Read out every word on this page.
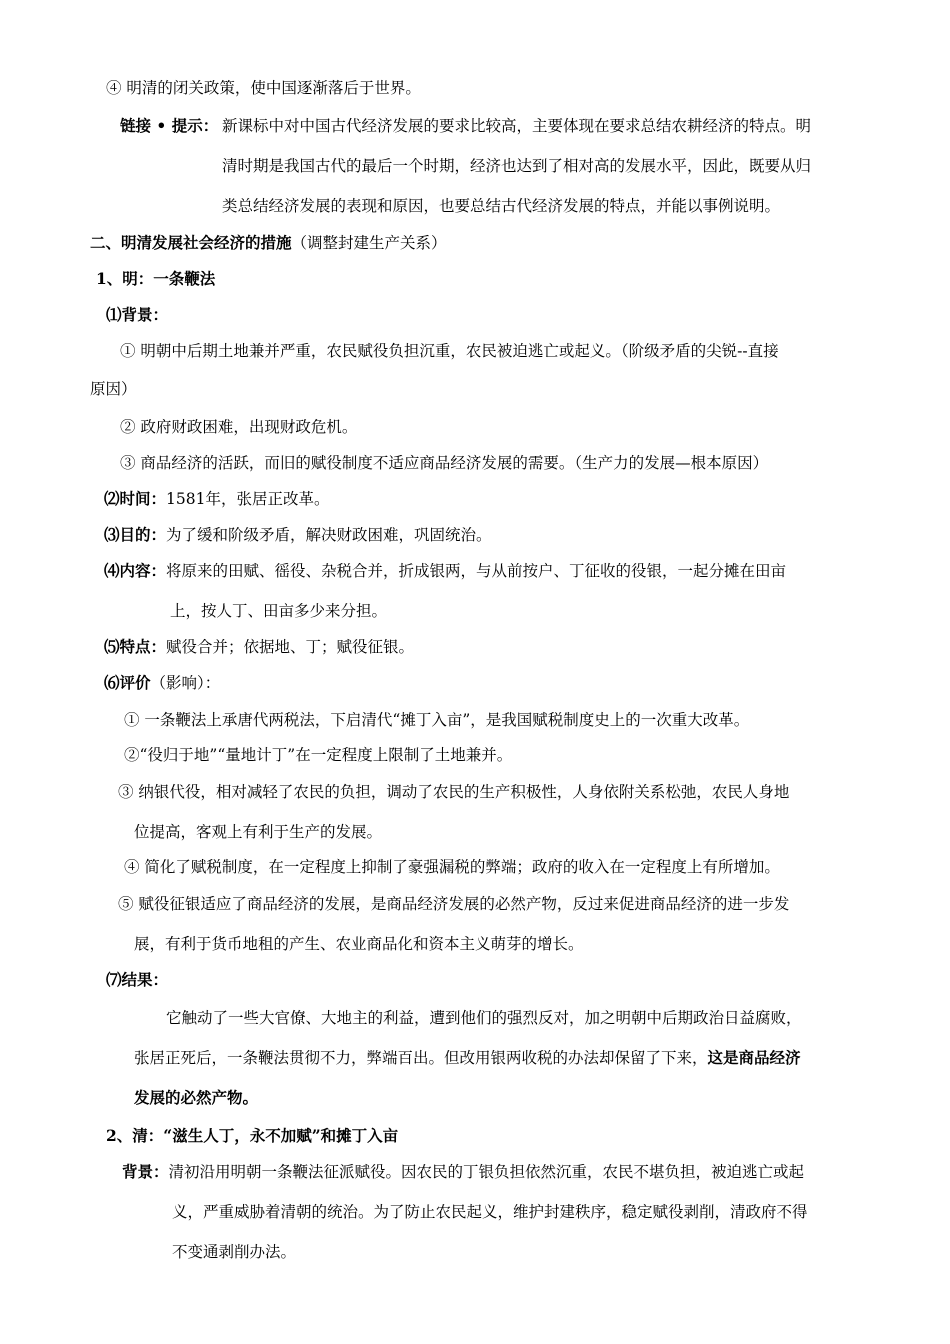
④ 明清的闭关政策，使中国逐渐落后于世界。
链接 • 提示： 新课标中对中国古代经济发展的要求比较高，主要体现在要求总结农耕经济的特点。明
清时期是我国古代的最后一个时期，经济也达到了相对高的发展水平，因此，既要从归
类总结经济发展的表现和原因，也要总结古代经济发展的特点，并能以事例说明。
二、明清发展社会经济的措施（调整封建生产关系）
1、明：一条鞭法
⑴背景：
① 明朝中后期土地兼并严重，农民赋役负担沉重，农民被迫逃亡或起义。（阶级矛盾的尖锐--直接
原因）
② 政府财政困难，出现财政危机。
③ 商品经济的活跃，而旧的赋役制度不适应商品经济发展的需要。（生产力的发展—根本原因）
⑵时间：1581年，张居正改革。
⑶目的：为了缓和阶级矛盾，解决财政困难，巩固统治。
⑷内容：将原来的田赋、徭役、杂税合并，折成银两，与从前按户、丁征收的役银，一起分摊在田亩
上，按人丁、田亩多少来分担。
⑸特点：赋役合并；依据地、丁；赋役征银。
⑹评价（影响）：
① 一条鞭法上承唐代两税法，下启清代“摊丁入亩”，是我国赋税制度史上的一次重大改革。
②“役归于地”“量地计丁”在一定程度上限制了土地兼并。
③ 纳银代役，相对减轻了农民的负担，调动了农民的生产积极性，人身依附关系松弛，农民人身地
位提高，客观上有利于生产的发展。
④ 简化了赋税制度，在一定程度上抑制了豪强漏税的弊端；政府的收入在一定程度上有所增加。
⑤ 赋役征银适应了商品经济的发展，是商品经济发展的必然产物，反过来促进商品经济的进一步发
展，有利于货币地租的产生、农业商品化和资本主义萌芽的增长。
⑺结果：
它触动了一些大官僚、大地主的利益，遭到他们的强烈反对，加之明朝中后期政治日益腐败，
张居正死后，一条鞭法贯彻不力，弊端百出。但改用银两收税的办法却保留了下来，这是商品经济
发展的必然产物。
2、清：“滋生人丁，永不加赋”和摊丁入亩
背景：清初沿用明朝一条鞭法征派赋役。因农民的丁银负担依然沉重，农民不堪负担，被迫逃亡或起
义，严重威胁着清朝的统治。为了防止农民起义，维护封建秩序，稳定赋役剥削，清政府不得
不变通剥削办法。
